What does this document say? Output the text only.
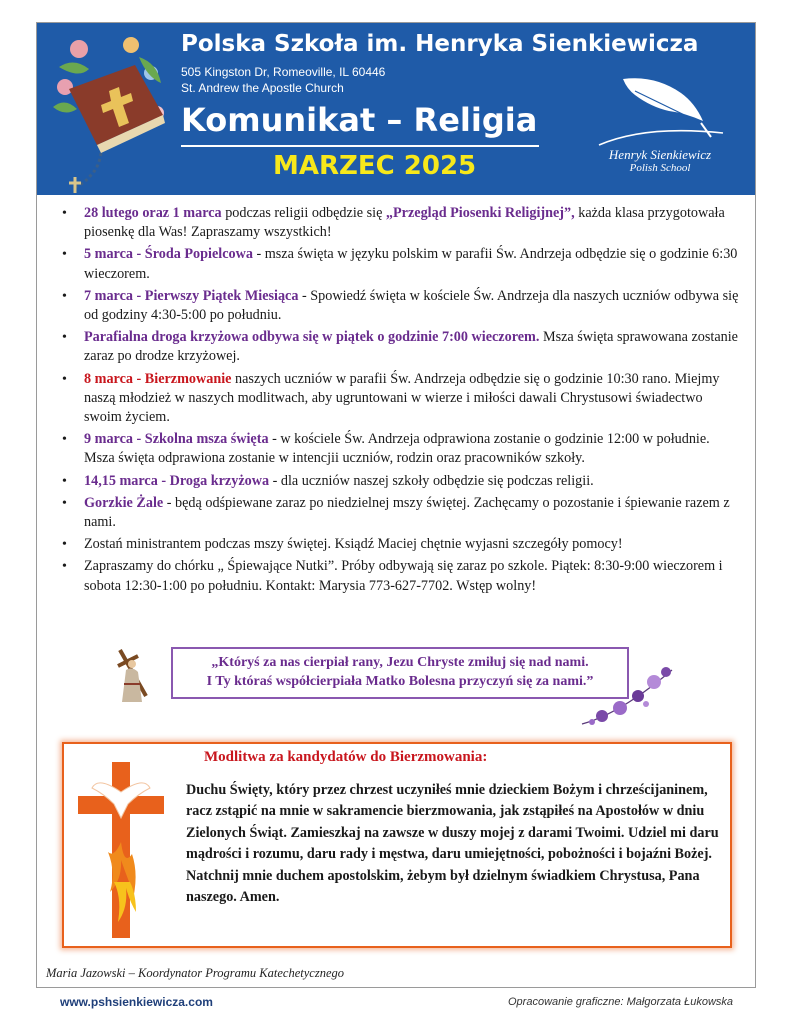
Polska Szkoła im. Henryka Sienkiewicza
505 Kingston Dr, Romeoville, IL 60446
St. Andrew the Apostle Church
Komunikat – Religia
MARZEC 2025	Henryk Sienkiewicz
Polish School
• 28 lutego oraz 1 marca podczas religii odbędzie się „Przegląd Piosenki Religijnej”, każda klasa przygotowała piosenkę dla Was! Zapraszamy wszystkich!
• 5 marca - Środa Popielcowa - msza święta w języku polskim w parafii Św. Andrzeja odbędzie się o godzinie 6:30 wieczorem.
• 7 marca - Pierwszy Piątek Miesiąca - Spowiedź święta w kościele Św. Andrzeja dla naszych uczniów odbywa się od godziny 4:30-5:00 po południu.
• Parafialna droga krzyżowa odbywa się w piątek o godzinie 7:00 wieczorem. Msza święta sprawowana zostanie zaraz po drodze krzyżowej.
• 8 marca - Bierzmowanie naszych uczniów w parafii Św. Andrzeja odbędzie się o godzinie 10:30 rano. Miejmy naszą młodzież w naszych modlitwach, aby ugruntowani w wierze i miłości dawali Chrystusowi świadectwo swoim życiem.
• 9 marca - Szkolna msza święta - w kościele Św. Andrzeja odprawiona zostanie o godzinie 12:00 w południe. Msza święta odprawiona zostanie w intencjii uczniów, rodzin oraz pracowników szkoły.
• 14,15 marca - Droga krzyżowa - dla uczniów naszej szkoły odbędzie się podczas religii.
• Gorzkie Żale - będą odśpiewane zaraz po niedzielnej mszy świętej. Zachęcamy o pozostanie i śpiewanie razem z nami.
• Zostań ministrantem podczas mszy świętej. Ksiądź Maciej chętnie wyjasni szczegóły pomocy!
• Zapraszamy do chórku „ Śpiewające Nutki”. Próby odbywają się zaraz po szkole. Piątek: 8:30-9:00 wieczorem i sobota 12:30-1:00 po południu. Kontakt: Marysia 773-627-7702. Wstęp wolny!
„Któryś za nas cierpiał rany, Jezu Chryste zmiłuj się nad nami.
I Ty któraś współcierpiała Matko Bolesna przyczyń się za nami.”
Modlitwa za kandydatów do Bierzmowania:
Duchu Święty, który przez chrzest uczyniłeś mnie dzieckiem Bożym i chrześcijaninem, racz zstąpić na mnie w sakramencie bierzmowania, jak zstąpiłeś na Apostołów w dniu Zielonych Świąt. Zamieszkaj na zawsze w duszy mojej z darami Twoimi. Udziel mi daru mądrości i rozumu, daru rady i męstwa, daru umiejętności, pobożności i bojaźni Bożej. Natchnij mnie duchem apostolskim, żebym był dzielnym świadkiem Chrystusa, Pana naszego. Amen.
Maria Jazowski – Koordynator Programu Katechetycznego
www.pshsienkiewicza.com	Opracowanie graficzne: Małgorzata Łukowska
